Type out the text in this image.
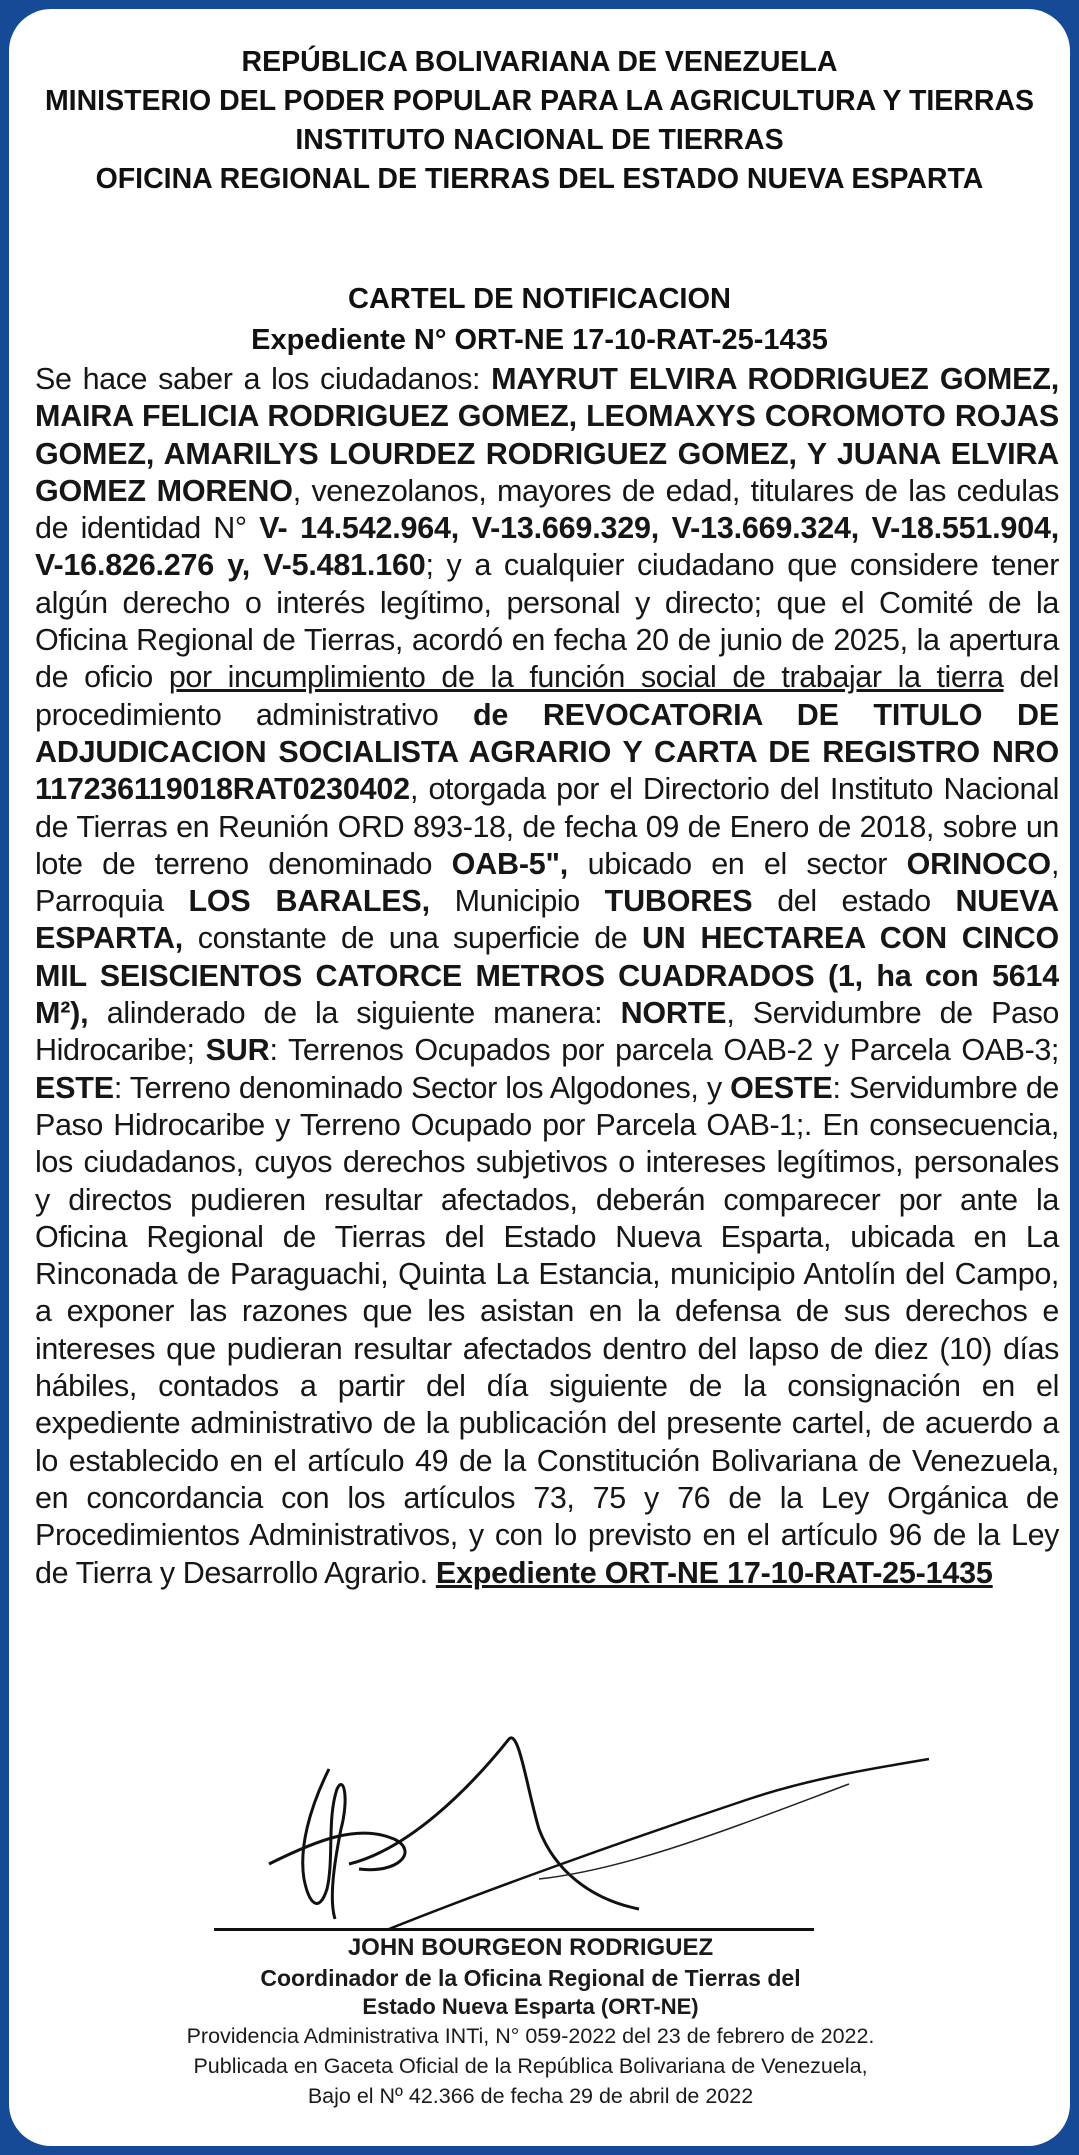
REPÚBLICA BOLIVARIANA DE VENEZUELA
MINISTERIO DEL PODER POPULAR PARA LA AGRICULTURA Y TIERRAS
INSTITUTO NACIONAL DE TIERRAS
OFICINA REGIONAL DE TIERRAS DEL ESTADO NUEVA ESPARTA
CARTEL DE NOTIFICACION
Expediente N° ORT-NE 17-10-RAT-25-1435
Se hace saber a los ciudadanos: MAYRUT ELVIRA RODRIGUEZ GOMEZ, MAIRA FELICIA RODRIGUEZ GOMEZ, LEOMAXYS COROMOTO ROJAS GOMEZ, AMARILYS LOURDEZ RODRIGUEZ GOMEZ, Y JUANA ELVIRA GOMEZ MORENO, venezolanos, mayores de edad, titulares de las cedulas de identidad N° V- 14.542.964, V-13.669.329, V-13.669.324, V-18.551.904, V-16.826.276 y, V-5.481.160; y a cualquier ciudadano que considere tener algún derecho o interés legítimo, personal y directo; que el Comité de la Oficina Regional de Tierras, acordó en fecha 20 de junio de 2025, la apertura de oficio por incumplimiento de la función social de trabajar la tierra del procedimiento administrativo de REVOCATORIA DE TITULO DE ADJUDICACION SOCIALISTA AGRARIO Y CARTA DE REGISTRO NRO 117236119018RAT0230402, otorgada por el Directorio del Instituto Nacional de Tierras en Reunión ORD 893-18, de fecha 09 de Enero de 2018, sobre un lote de terreno denominado OAB-5", ubicado en el sector ORINOCO, Parroquia LOS BARALES, Municipio TUBORES del estado NUEVA ESPARTA, constante de una superficie de UN HECTAREA CON CINCO MIL SEISCIENTOS CATORCE METROS CUADRADOS (1, ha con 5614 M²), alinderado de la siguiente manera: NORTE, Servidumbre de Paso Hidrocaribe; SUR: Terrenos Ocupados por parcela OAB-2 y Parcela OAB-3; ESTE: Terreno denominado Sector los Algodones, y OESTE: Servidumbre de Paso Hidrocaribe y Terreno Ocupado por Parcela OAB-1;. En consecuencia, los ciudadanos, cuyos derechos subjetivos o intereses legítimos, personales y directos pudieren resultar afectados, deberán comparecer por ante la Oficina Regional de Tierras del Estado Nueva Esparta, ubicada en La Rinconada de Paraguachi, Quinta La Estancia, municipio Antolín del Campo, a exponer las razones que les asistan en la defensa de sus derechos e intereses que pudieran resultar afectados dentro del lapso de diez (10) días hábiles, contados a partir del día siguiente de la consignación en el expediente administrativo de la publicación del presente cartel, de acuerdo a lo establecido en el artículo 49 de la Constitución Bolivariana de Venezuela, en concordancia con los artículos 73, 75 y 76 de la Ley Orgánica de Procedimientos Administrativos, y con lo previsto en el artículo 96 de la Ley de Tierra y Desarrollo Agrario. Expediente ORT-NE 17-10-RAT-25-1435
JOHN BOURGEON RODRIGUEZ
Coordinador de la Oficina Regional de Tierras del
Estado Nueva Esparta (ORT-NE)
Providencia Administrativa INTi, N° 059-2022 del 23 de febrero de 2022.
Publicada en Gaceta Oficial de la República Bolivariana de Venezuela,
Bajo el Nº 42.366 de fecha 29 de abril de 2022
